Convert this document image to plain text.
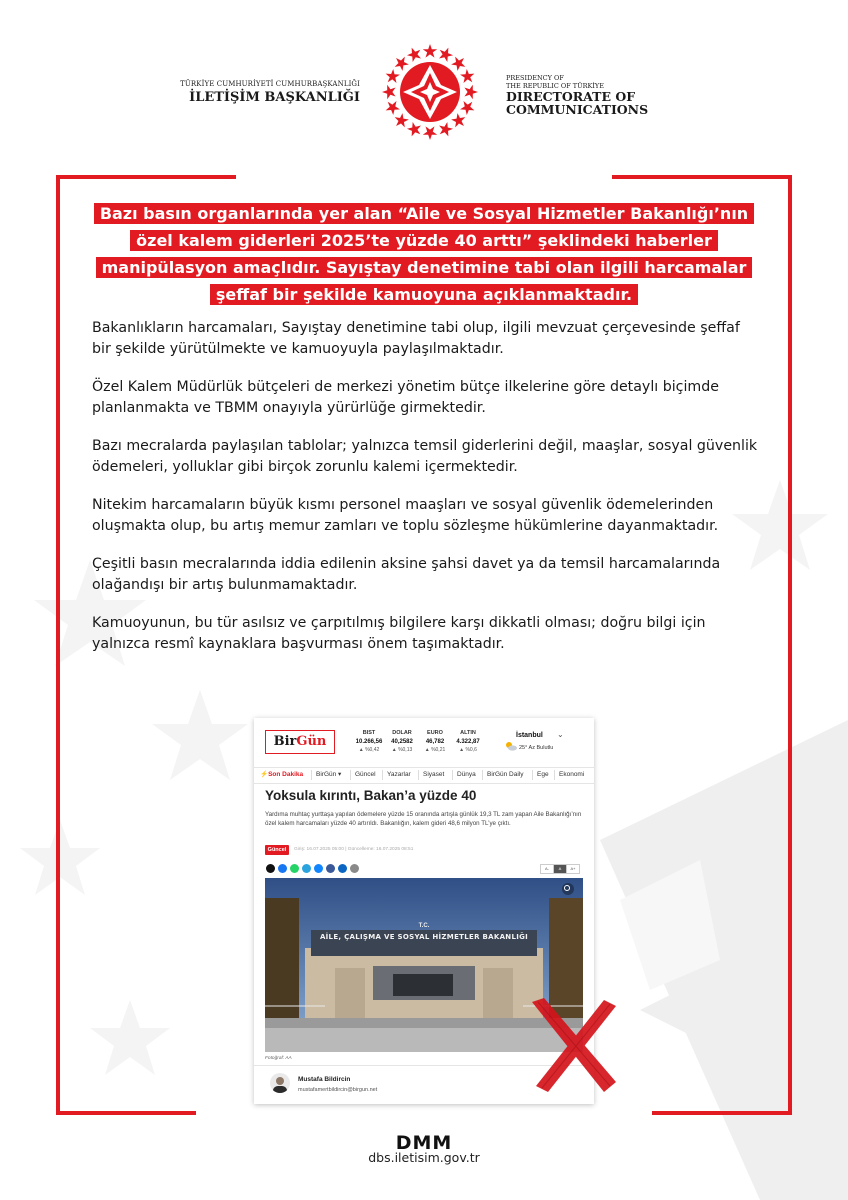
TÜRKİYE CUMHURİYETİ CUMHURBAŞKANLIĞI
İLETİŞİM BAŞKANLIĞI
PRESIDENCY OF
THE REPUBLIC OF TÜRKİYE
DIRECTORATE OF
COMMUNICATIONS
Bazı basın organlarında yer alan “Aile ve Sosyal Hizmetler Bakanlığı’nın özel kalem giderleri 2025’te yüzde 40 arttı” şeklindeki haberler manipülasyon amaçlıdır. Sayıştay denetimine tabi olan ilgili harcamalar şeffaf bir şekilde kamuoyuna açıklanmaktadır.

Bakanlıkların harcamaları, Sayıştay denetimine tabi olup, ilgili mevzuat çerçevesinde şeffaf bir şekilde yürütülmekte ve kamuoyuyla paylaşılmaktadır.

Özel Kalem Müdürlük bütçeleri de merkezi yönetim bütçe ilkelerine göre detaylı biçimde planlanmakta ve TBMM onayıyla yürürlüğe girmektedir.

Bazı mecralarda paylaşılan tablolar; yalnızca temsil giderlerini değil, maaşlar, sosyal güvenlik ödemeleri, yolluklar gibi birçok zorunlu kalemi içermektedir.

Nitekim harcamaların büyük kısmı personel maaşları ve sosyal güvenlik ödemelerinden oluşmakta olup, bu artış memur zamları ve toplu sözleşme hükümlerine dayanmaktadır.

Çeşitli basın mecralarında iddia edilenin aksine şahsi davet ya da temsil harcamalarında olağandışı bir artış bulunmamaktadır.

Kamuoyunun, bu tür asılsız ve çarpıtılmış bilgilere karşı dikkatli olması; doğru bilgi için yalnızca resmî kaynaklara başvurması önem taşımaktadır.

BirGün
BIST
10.266,56
▲ %0,42
DOLAR
40,2582
▲ %0,13
EURO
46,782
▲ %0,21
ALTIN
4.322,87
▲ %0,6
İstanbul ⌄
25° Az Bulutlu
⚡Son Dakika BirGün ▾ Güncel Yazarlar Siyaset Dünya BirGün Daily Ege Ekonomi
Yoksula kırıntı, Bakan’a yüzde 40
Yardıma muhtaç yurttaşa yapılan ödemelere yüzde 15 oranında artışla günlük 19,3 TL zam yapan Aile Bakanlığı’nın özel kalem harcamaları yüzde 40 artırıldı. Bakanlığın, kalem gideri 48,6 milyon TL’ye çıktı.
Güncel	Giriş: 16.07.2025 05:00 | Güncelleme: 16.07.2025 08:51
A-	A	A+
T.C.
AİLE, ÇALIŞMA VE SOSYAL HİZMETLER BAKANLIĞI
Fotoğraf: AA
Mustafa Bildircin
mustafamertbildircin@birgun.net
DMM
dbs.iletisim.gov.tr
